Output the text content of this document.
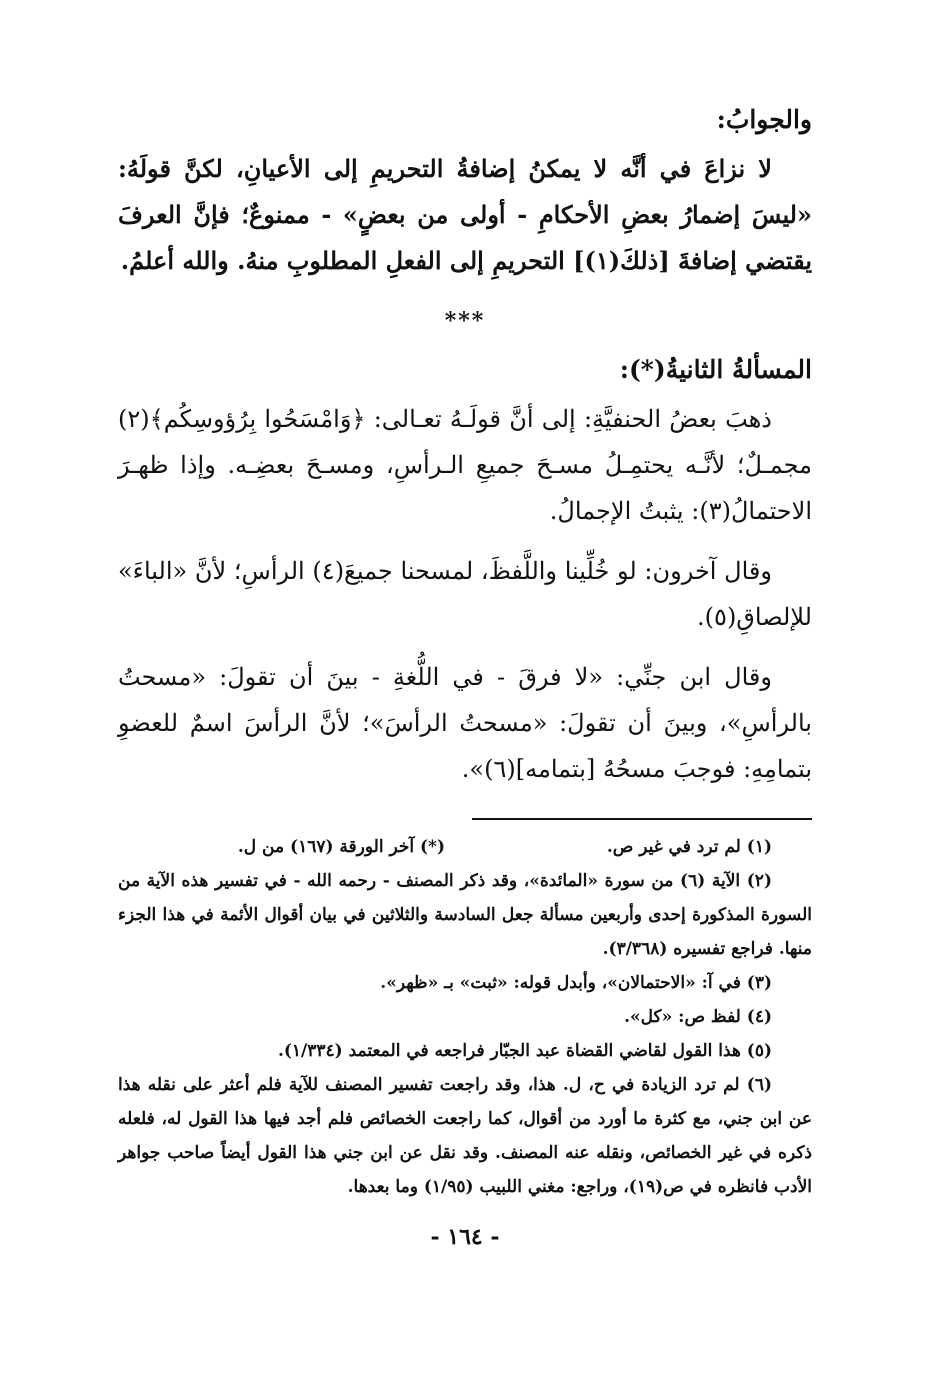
والجوابُ:

لا نزاعَ في أنَّه لا يمكنُ إضافةُ التحريمِ إلى الأعيانِ، لكنَّ قولَهُ: «ليسَ إضمارُ بعضِ الأحكامِ - أولى من بعضٍ» - ممنوعٌ؛ فإنَّ العرفَ يقتضي إضافةَ [ذلكَ(١)] التحريمِ إلى الفعلِ المطلوبِ منهُ. والله أعلمُ.

***
المسألةُ الثانيةُ(*):

ذهبَ بعضُ الحنفيَّةِ: إلى أنَّ قولَـهُ تعـالى: ﴿وَامْسَحُوا بِرُؤوسِكُم﴾(٢) مجمـلٌ؛ لأنَّـه يحتمِـلُ مسـحَ جميعِ الـرأسِ، ومسـحَ بعضِـه. وإذا ظهـرَ الاحتمالُ(٣): يثبتُ الإجمالُ.

وقال آخرون: لو خُلِّينا واللَّفظَ، لمسحنا جميعَ(٤) الرأسِ؛ لأنَّ «الباءَ» للإلصاقِ(٥).

وقال ابن جنِّي: «لا فرقَ - في اللُّغةِ - بينَ أن تقولَ: «مسحتُ بالرأسِ»، وبينَ أن تقولَ: «مسحتُ الرأسَ»؛ لأنَّ الرأسَ اسمٌ للعضوِ بتمامِهِ: فوجبَ مسحُهُ [بتمامه](٦)».

(١) لم ترد في غير ص.
(*) آخر الورقة (١٦٧) من ل.

(٢) الآية (٦) من سورة «المائدة»، وقد ذكر المصنف - رحمه الله - في تفسير هذه الآية من السورة المذكورة إحدى وأربعين مسألة جعل السادسة والثلاثين في بيان أقوال الأئمة في هذا الجزء منها. فراجع تفسيره (٣/٣٦٨).

(٣) في آ: «الاحتمالان»، وأبدل قوله: «ثبت» بـ «ظهر».

(٤) لفظ ص: «كل».

(٥) هذا القول لقاضي القضاة عبد الجبّار فراجعه في المعتمد (١/٣٣٤).

(٦) لم ترد الزيادة في ح، ل. هذا، وقد راجعت تفسير المصنف للآية فلم أعثر على نقله هذا عن ابن جني، مع كثرة ما أورد من أقوال، كما راجعت الخصائص فلم أجد فيها هذا القول له، فلعله ذكره في غير الخصائص، ونقله عنه المصنف. وقد نقل عن ابن جني هذا القول أيضاً صاحب جواهر الأدب فانظره في ص(١٩)، وراجع: مغني اللبيب (١/٩٥) وما بعدها.

- ١٦٤ -
